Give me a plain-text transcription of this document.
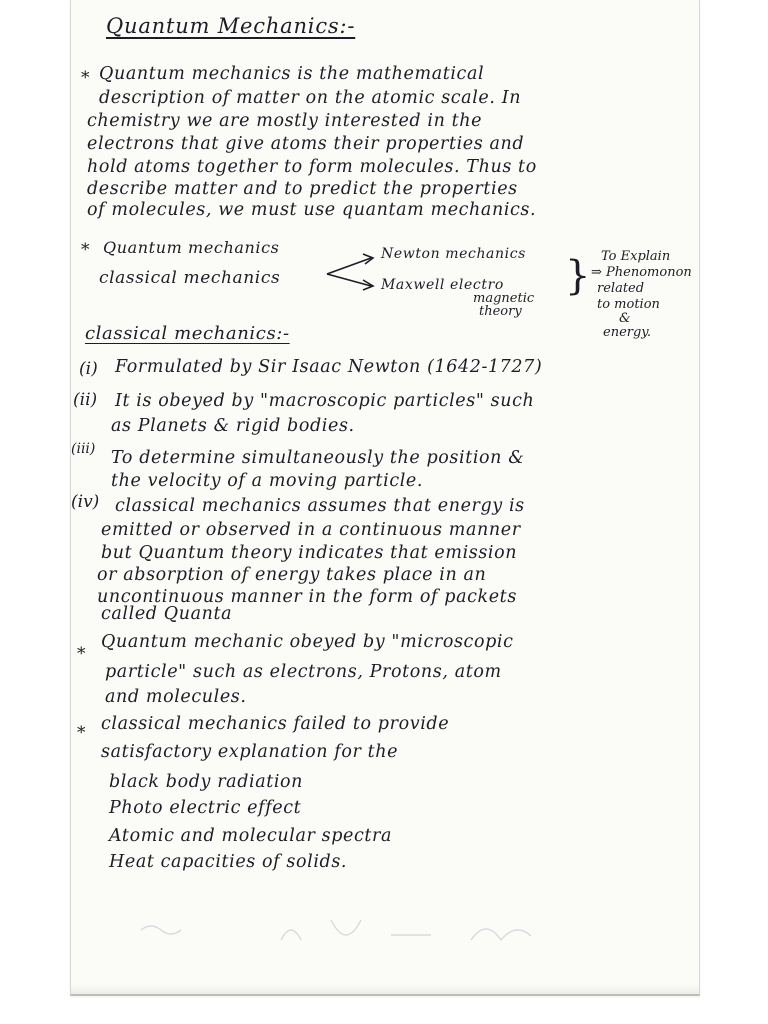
Quantum Mechanics:-
* Quantum mechanics is the mathematical
description of matter on the atomic scale. In
chemistry we are mostly interested in the
electrons that give atoms their properties and
hold atoms together to form molecules. Thus to
describe matter and to predict the properties
of molecules, we must use quantam mechanics.
* Quantum mechanics
classical mechanics
Newton mechanics
Maxwell electro
magnetic
theory
} To Explain
⇒ Phenomonon
related
to motion
&
energy.
classical mechanics:-
(i) Formulated by Sir Isaac Newton (1642-1727)
(ii) It is obeyed by "macroscopic particles" such
as Planets & rigid bodies.
(iii) To determine simultaneously the position &
the velocity of a moving particle.
(iv) classical mechanics assumes that energy is
emitted or observed in a continuous manner
but Quantum theory indicates that emission
or absorption of energy takes place in an
uncontinuous manner in the form of packets
called Quanta
*
Quantum mechanic obeyed by "microscopic
particle" such as electrons, Protons, atom
and molecules.
* classical mechanics failed to provide
satisfactory explanation for the
black body radiation
Photo electric effect
Atomic and molecular spectra
Heat capacities of solids.
